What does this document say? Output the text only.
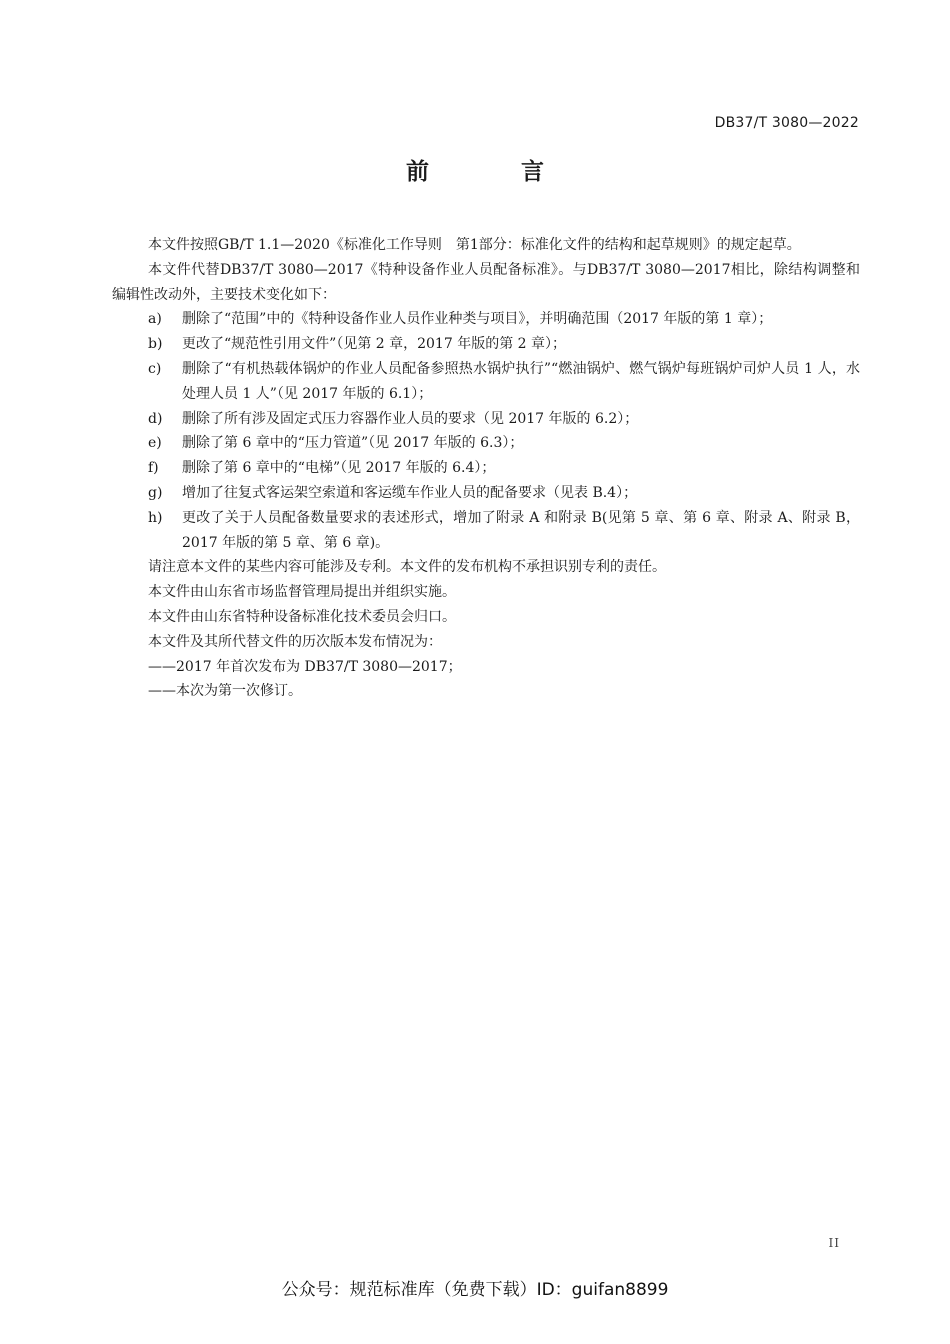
DB37/T 3080—2022
前 言

本文件按照GB/T 1.1—2020《标准化工作导则　第1部分：标准化文件的结构和起草规则》的规定起草。

本文件代替DB37/T 3080—2017《特种设备作业人员配备标准》。与DB37/T 3080—2017相比，除结构调整和编辑性改动外，主要技术变化如下：

a) 删除了“范围”中的《特种设备作业人员作业种类与项目》，并明确范围（2017 年版的第 1 章）；
b) 更改了“规范性引用文件”（见第 2 章，2017 年版的第 2 章）；
c) 删除了“有机热载体锅炉的作业人员配备参照热水锅炉执行”“燃油锅炉、燃气锅炉每班锅炉司炉人员 1 人，水处理人员 1 人”（见 2017 年版的 6.1）；
d) 删除了所有涉及固定式压力容器作业人员的要求（见 2017 年版的 6.2）；
e) 删除了第 6 章中的“压力管道”（见 2017 年版的 6.3）；
f) 删除了第 6 章中的“电梯”（见 2017 年版的 6.4）；
g) 增加了往复式客运架空索道和客运缆车作业人员的配备要求（见表 B.4）；
h) 更改了关于人员配备数量要求的表述形式，增加了附录 A 和附录 B(见第 5 章、第 6 章、附录 A、附录 B，2017 年版的第 5 章、第 6 章)。

请注意本文件的某些内容可能涉及专利。本文件的发布机构不承担识别专利的责任。

本文件由山东省市场监督管理局提出并组织实施。

本文件由山东省特种设备标准化技术委员会归口。

本文件及其所代替文件的历次版本发布情况为：

——2017 年首次发布为 DB37/T 3080—2017；

——本次为第一次修订。

II
公众号：规范标准库（免费下载）ID：guifan8899
